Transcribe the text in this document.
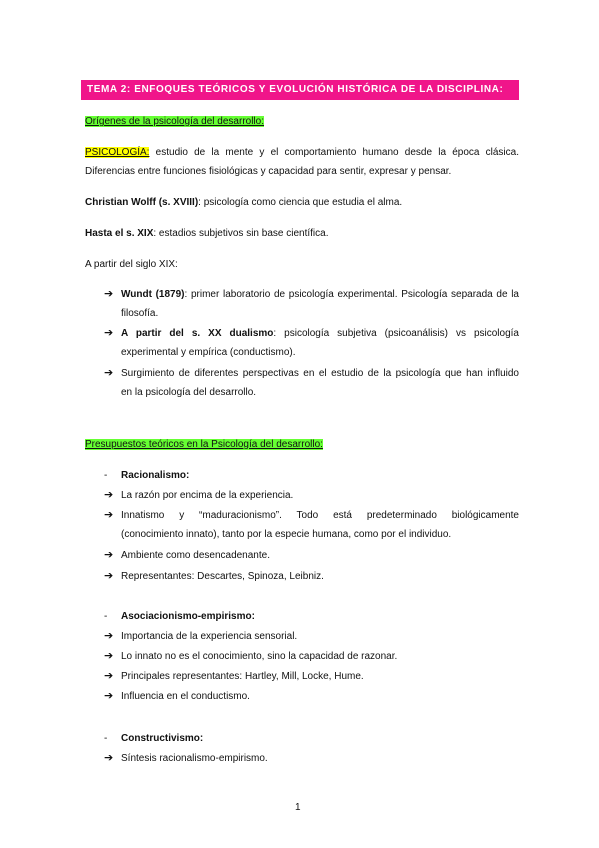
TEMA 2: ENFOQUES TEÓRICOS Y EVOLUCIÓN HISTÓRICA DE LA DISCIPLINA:
Orígenes de la psicología del desarrollo:
PSICOLOGÍA: estudio de la mente y el comportamiento humano desde la época clásica.
Diferencias entre funciones fisiológicas y capacidad para sentir, expresar y pensar.
Christian Wolff (s. XVIII): psicología como ciencia que estudia el alma.
Hasta el s. XIX: estadios subjetivos sin base científica.
A partir del siglo XIX:
➔ Wundt (1879): primer laboratorio de psicología experimental. Psicología separada de la
filosofía.
➔ A partir del s. XX dualismo: psicología subjetiva (psicoanálisis) vs psicología
experimental y empírica (conductismo).
➔ Surgimiento de diferentes perspectivas en el estudio de la psicología que han influido
en la psicología del desarrollo.
Presupuestos teóricos en la Psicología del desarrollo:
- Racionalismo:
➔ La razón por encima de la experiencia.
➔ Innatismo y “maduracionismo”. Todo está predeterminado biológicamente
(conocimiento innato), tanto por la especie humana, como por el individuo.
➔ Ambiente como desencadenante.
➔ Representantes: Descartes, Spinoza, Leibniz.
- Asociacionismo-empirismo:
➔ Importancia de la experiencia sensorial.
➔ Lo innato no es el conocimiento, sino la capacidad de razonar.
➔ Principales representantes: Hartley, Mill, Locke, Hume.
➔ Influencia en el conductismo.
- Constructivismo:
➔ Síntesis racionalismo-empirismo.
1
